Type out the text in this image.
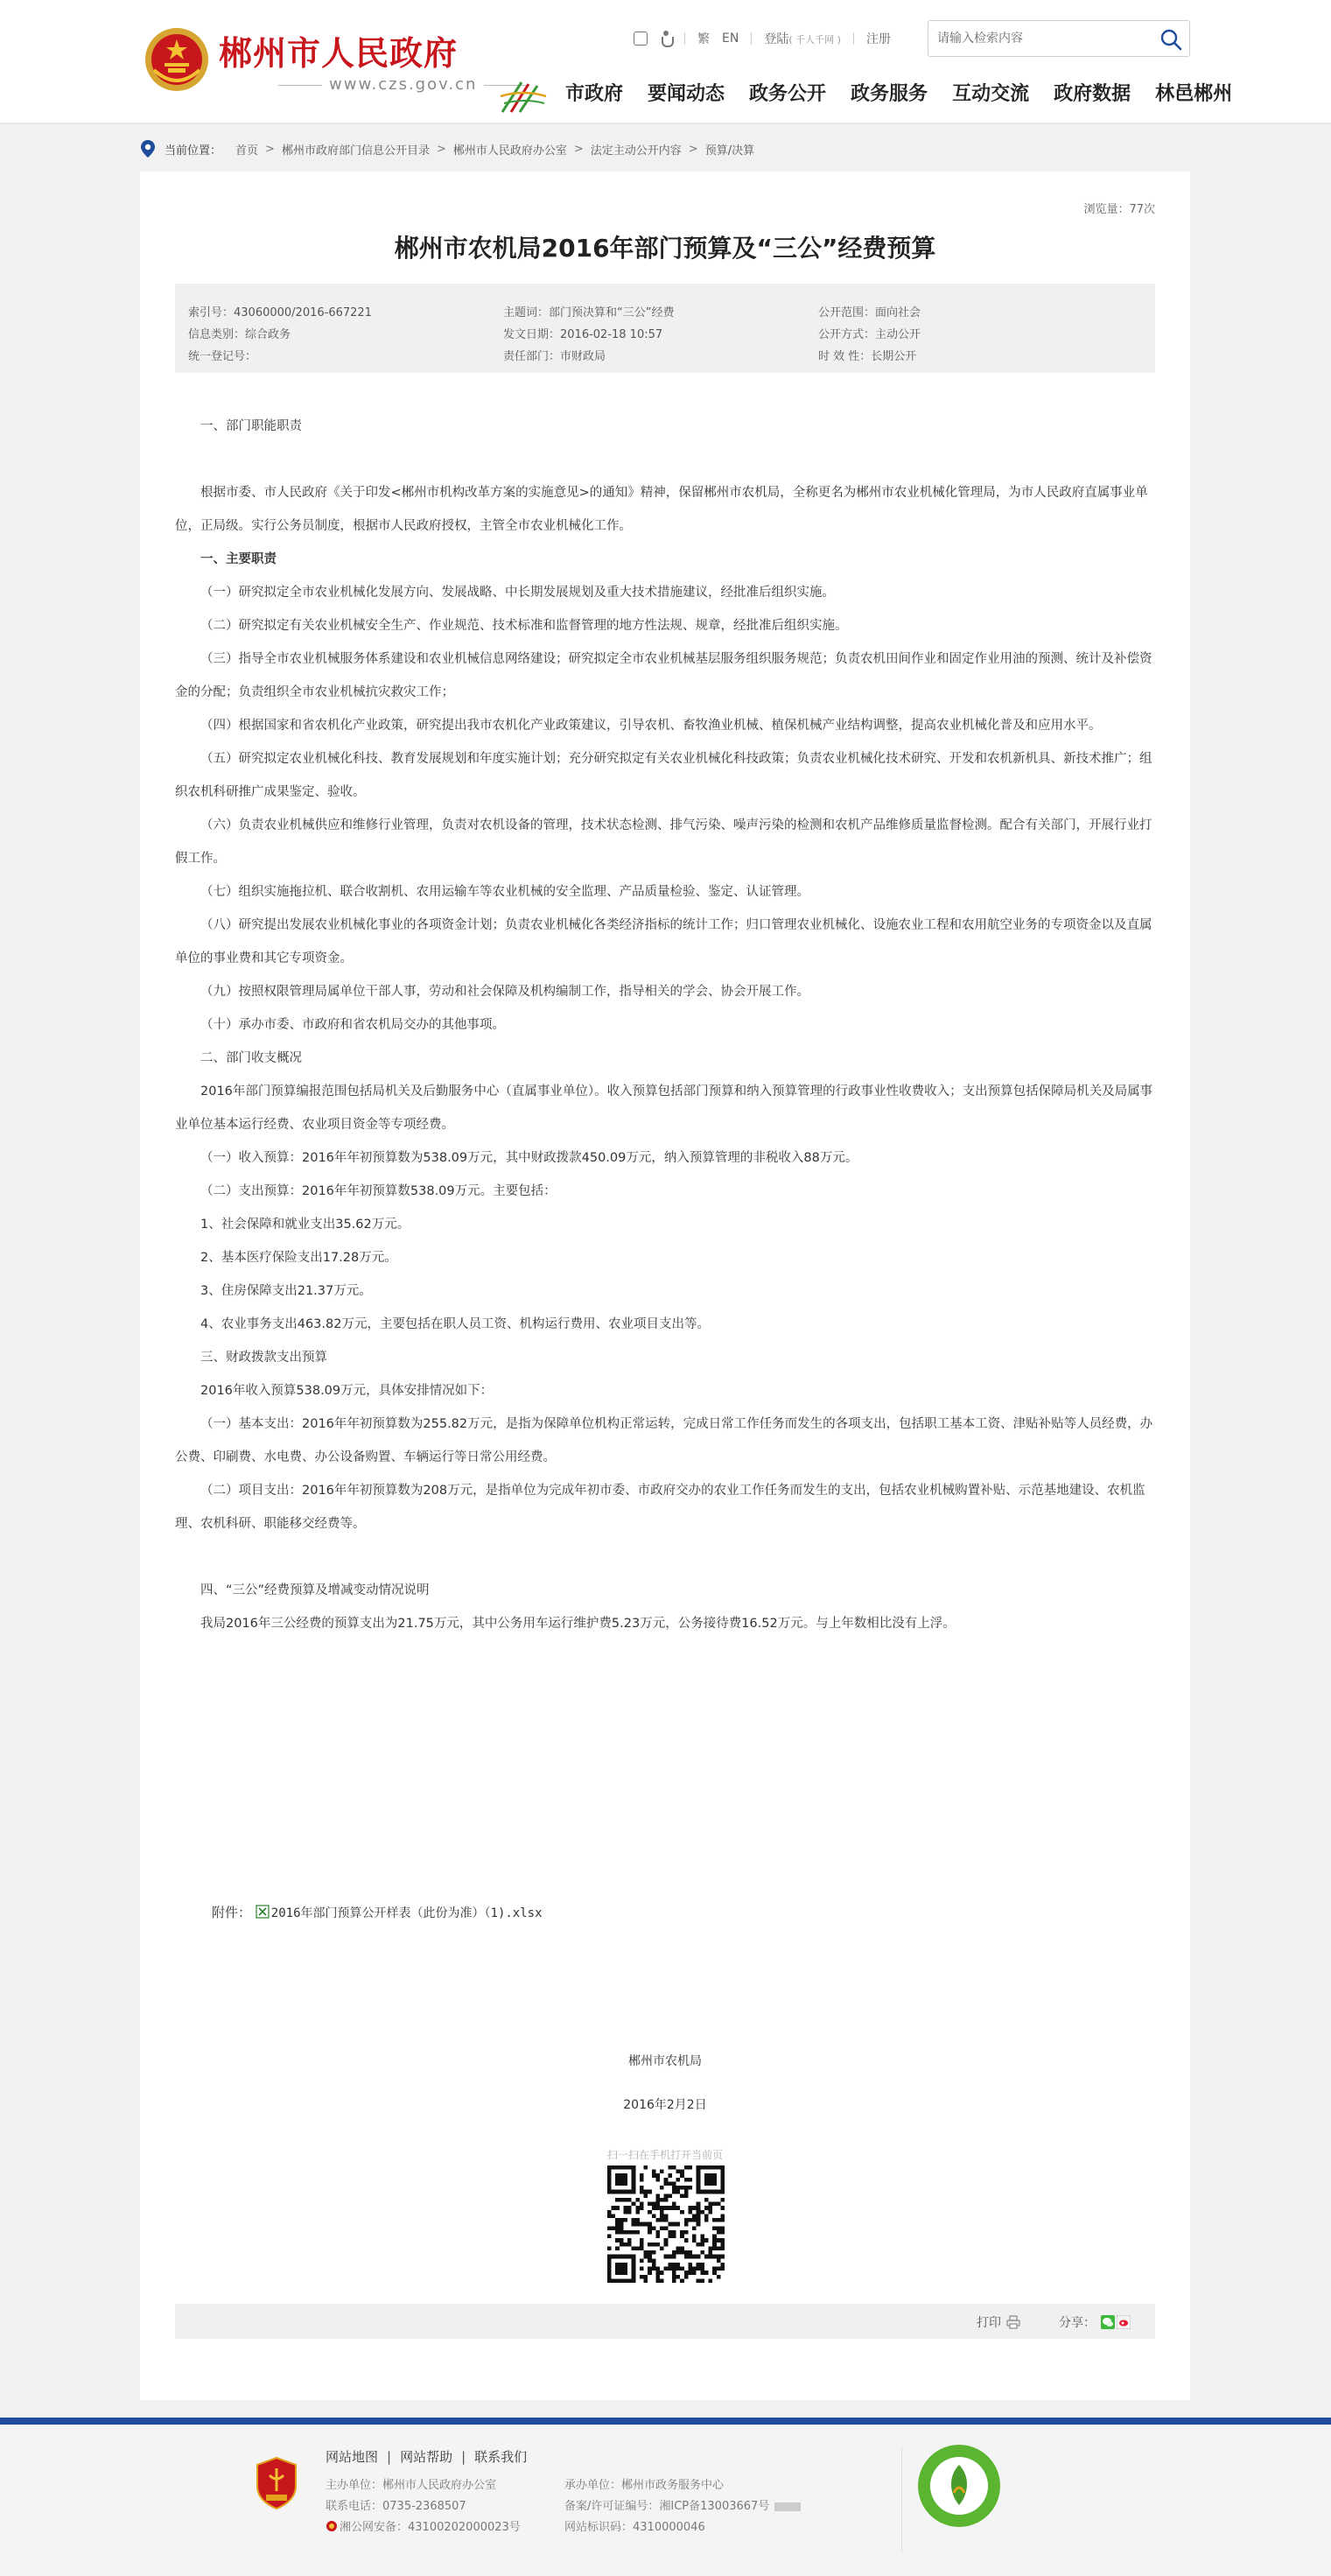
郴州市人民政府
www.czs.gov.cn
繁 EN 登陆( 千人千网 ) 注册
请输入检索内容
市政府 要闻动态 政务公开 政务服务 互动交流 政府数据 林邑郴州
当前位置： 首页 > 郴州市政府部门信息公开目录 > 郴州市人民政府办公室 > 法定主动公开内容 > 预算/决算
浏览量：77次
郴州市农机局2016年部门预算及“三公”经费预算
索引号：43060000/2016-667221	主题词：部门预决算和“三公”经费	公开范围：面向社会
信息类别：综合政务	发文日期：2016-02-18 10:57	公开方式：主动公开
统一登记号：	责任部门：市财政局	时 效 性：长期公开

一、部门职能职责

根据市委、市人民政府《关于印发<郴州市机构改革方案的实施意见>的通知》精神，保留郴州市农机局，全称更名为郴州市农业机械化管理局，为市人民政府直属事业单位，正局级。实行公务员制度，根据市人民政府授权，主管全市农业机械化工作。

一、主要职责

（一）研究拟定全市农业机械化发展方向、发展战略、中长期发展规划及重大技术措施建议，经批准后组织实施。

（二）研究拟定有关农业机械安全生产、作业规范、技术标准和监督管理的地方性法规、规章，经批准后组织实施。

（三）指导全市农业机械服务体系建设和农业机械信息网络建设；研究拟定全市农业机械基层服务组织服务规范；负责农机田间作业和固定作业用油的预测、统计及补偿资金的分配；负责组织全市农业机械抗灾救灾工作；

（四）根据国家和省农机化产业政策，研究提出我市农机化产业政策建议，引导农机、畜牧渔业机械、植保机械产业结构调整，提高农业机械化普及和应用水平。

（五）研究拟定农业机械化科技、教育发展规划和年度实施计划；充分研究拟定有关农业机械化科技政策；负责农业机械化技术研究、开发和农机新机具、新技术推广；组织农机科研推广成果鉴定、验收。

（六）负责农业机械供应和维修行业管理，负责对农机设备的管理，技术状态检测、排气污染、噪声污染的检测和农机产品维修质量监督检测。配合有关部门，开展行业打假工作。

（七）组织实施拖拉机、联合收割机、农用运输车等农业机械的安全监理、产品质量检验、鉴定、认证管理。

（八）研究提出发展农业机械化事业的各项资金计划；负责农业机械化各类经济指标的统计工作；归口管理农业机械化、设施农业工程和农用航空业务的专项资金以及直属单位的事业费和其它专项资金。

（九）按照权限管理局属单位干部人事，劳动和社会保障及机构编制工作，指导相关的学会、协会开展工作。

（十）承办市委、市政府和省农机局交办的其他事项。

二、部门收支概况

2016年部门预算编报范围包括局机关及后勤服务中心（直属事业单位）。收入预算包括部门预算和纳入预算管理的行政事业性收费收入；支出预算包括保障局机关及局属事业单位基本运行经费、农业项目资金等专项经费。

（一）收入预算：2016年年初预算数为538.09万元，其中财政拨款450.09万元，纳入预算管理的非税收入88万元。

（二）支出预算：2016年年初预算数538.09万元。主要包括：

1、社会保障和就业支出35.62万元。

2、基本医疗保险支出17.28万元。

3、住房保障支出21.37万元。

4、农业事务支出463.82万元，主要包括在职人员工资、机构运行费用、农业项目支出等。

三、财政拨款支出预算

2016年收入预算538.09万元，具体安排情况如下：

（一）基本支出：2016年年初预算数为255.82万元，是指为保障单位机构正常运转，完成日常工作任务而发生的各项支出，包括职工基本工资、津贴补贴等人员经费，办公费、印刷费、水电费、办公设备购置、车辆运行等日常公用经费。

（二）项目支出：2016年年初预算数为208万元，是指单位为完成年初市委、市政府交办的农业工作任务而发生的支出，包括农业机械购置补贴、示范基地建设、农机监理、农机科研、职能移交经费等。

四、“三公”经费预算及增减变动情况说明

我局2016年三公经费的预算支出为21.75万元，其中公务用车运行维护费5.23万元，公务接待费16.52万元。与上年数相比没有上浮。

附件： 2016年部门预算公开样表（此份为准）（1).xlsx
郴州市农机局
2016年2月2日
扫一扫在手机打开当前页
打印	分享：
网站地图 | 网站帮助 | 联系我们
主办单位：郴州市人民政府办公室
联系电话：0735-2368507
湘公网安备：43100202000023号
承办单位：郴州市政务服务中心
备案/许可证编号：湘ICP备13003667号
网站标识码：4310000046
